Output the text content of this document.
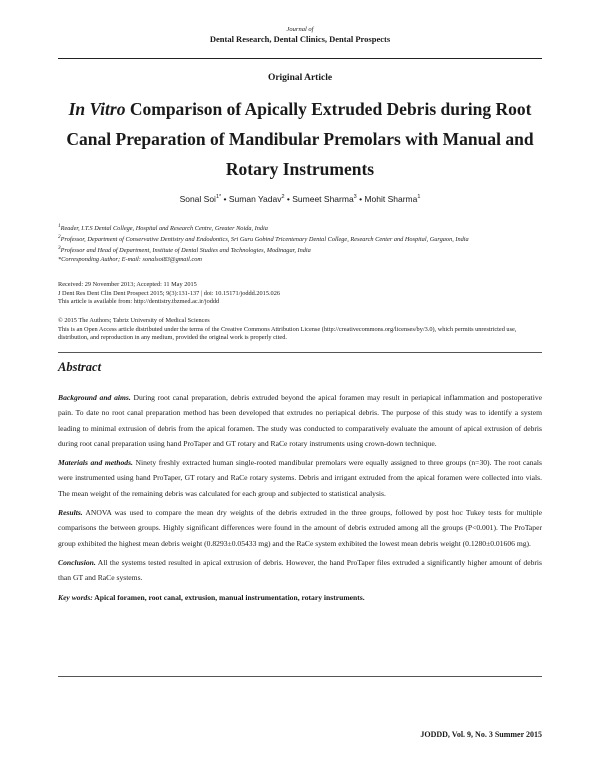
Journal of
Dental Research, Dental Clinics, Dental Prospects
Original Article
In Vitro Comparison of Apically Extruded Debris during Root Canal Preparation of Mandibular Premolars with Manual and Rotary Instruments
Sonal Soi$^{1*}$ • Suman Yadav$^2$ • Sumeet Sharma$^3$ • Mohit Sharma$^1$

$^1$Reader, I.T.S Dental College, Hospital and Research Centre, Greater Noida, India

$^2$Professor, Department of Conservative Dentistry and Endodontics, Sri Guru Gobind Tricentenary Dental College, Research Center and Hospital, Gurgaon, India

$^3$Professor and Head of Department, Institute of Dental Studies and Technologies, Modinagar, India

*Corresponding Author; E-mail: sonalsoi83@gmail.com

Received: 29 November 2013; Accepted: 11 May 2015

J Dent Res Dent Clin Dent Prospect 2015; 9(3):131-137 | doi: 10.15171/joddd.2015.026

This article is available from: http://dentistry.tbzmed.ac.ir/joddd

© 2015 The Authors; Tabriz University of Medical Sciences

This is an Open Access article distributed under the terms of the Creative Commons Attribution License (http://creativecommons.org/licenses/by/3.0), which permits unrestricted use, distribution, and reproduction in any medium, provided the original work is properly cited.

Abstract

Background and aims. During root canal preparation, debris extruded beyond the apical foramen may result in periapical inflammation and postoperative pain. To date no root canal preparation method has been developed that extrudes no periapical debris. The purpose of this study was to identify a system leading to minimal extrusion of debris from the apical foramen. The study was conducted to comparatively evaluate the amount of apical extrusion of debris during root canal preparation using hand ProTaper and GT rotary and RaCe rotary instruments using crown-down technique.

Materials and methods. Ninety freshly extracted human single-rooted mandibular premolars were equally assigned to three groups (n=30). The root canals were instrumented using hand ProTaper, GT rotary and RaCe rotary systems. Debris and irrigant extruded from the apical foramen were collected into vials. The mean weight of the remaining debris was calculated for each group and subjected to statistical analysis.

Results. ANOVA was used to compare the mean dry weights of the debris extruded in the three groups, followed by post hoc Tukey tests for multiple comparisons the between groups. Highly significant differences were found in the amount of debris extruded among all the groups (P<0.001). The ProTaper group exhibited the highest mean debris weight (0.8293±0.05433 mg) and the RaCe system exhibited the lowest mean debris weight (0.1280±0.01606 mg).

Conclusion. All the systems tested resulted in apical extrusion of debris. However, the hand ProTaper files extruded a significantly higher amount of debris than GT and RaCe systems.

Key words: Apical foramen, root canal, extrusion, manual instrumentation, rotary instruments.

JODDD, Vol. 9, No. 3 Summer 2015
